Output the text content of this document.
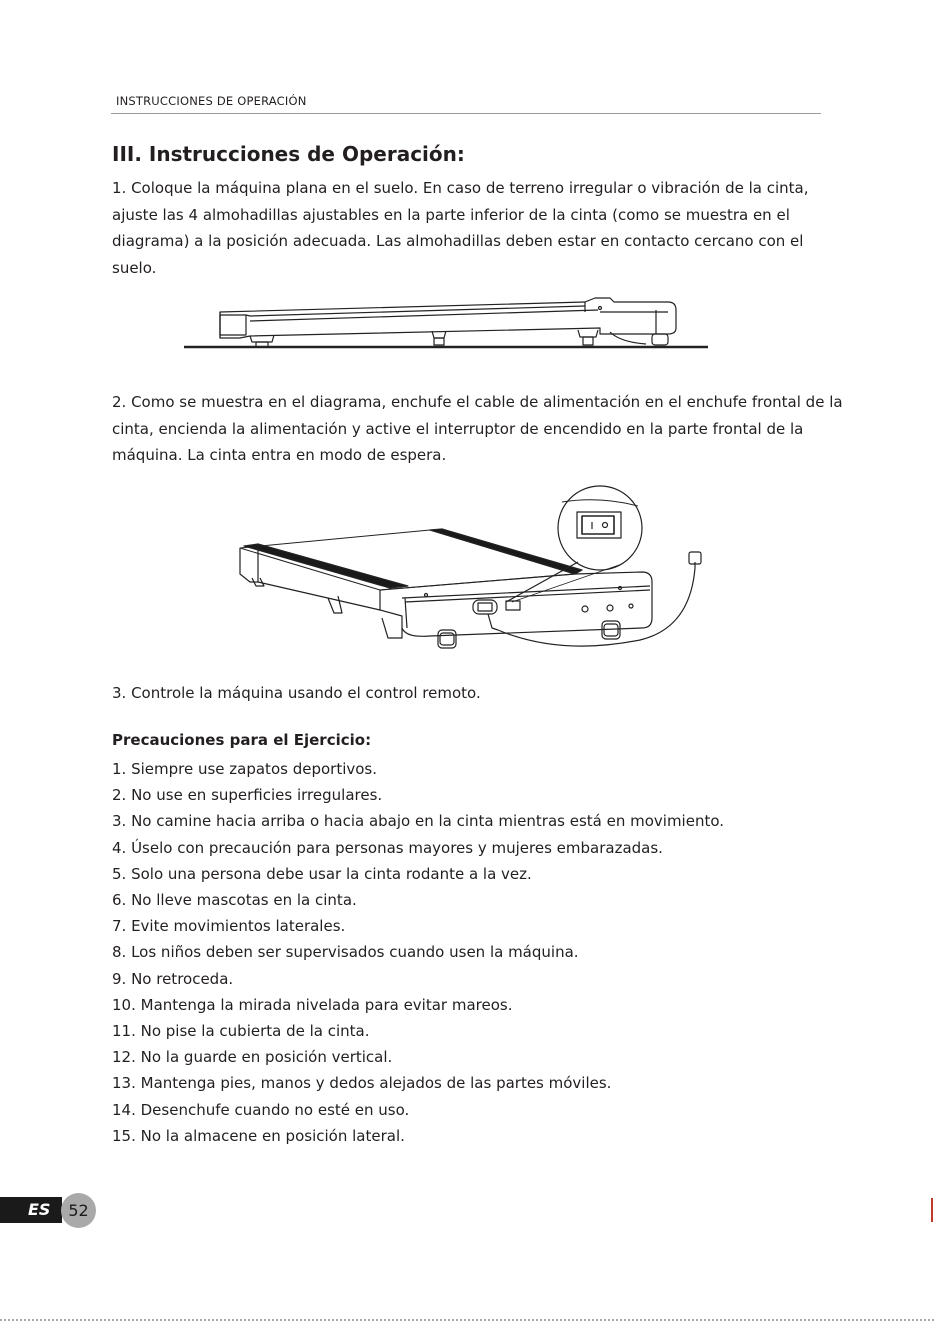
INSTRUCCIONES DE OPERACIÓN
III. Instrucciones de Operación:

1. Coloque la máquina plana en el suelo. En caso de terreno irregular o vibración de la cinta, ajuste las 4 almohadillas ajustables en la parte inferior de la cinta (como se muestra en el diagrama) a la posición adecuada. Las almohadillas deben estar en contacto cercano con el suelo.

2. Como se muestra en el diagrama, enchufe el cable de alimentación en el enchufe frontal de la cinta, encienda la alimentación y active el interruptor de encendido en la parte frontal de la máquina. La cinta entra en modo de espera.

3. Controle la máquina usando el control remoto.

Precauciones para el Ejercicio:
1. Siempre use zapatos deportivos.
2. No use en superficies irregulares.
3. No camine hacia arriba o hacia abajo en la cinta mientras está en movimiento.
4. Úselo con precaución para personas mayores y mujeres embarazadas.
5. Solo una persona debe usar la cinta rodante a la vez.
6. No lleve mascotas en la cinta.
7. Evite movimientos laterales.
8. Los niños deben ser supervisados cuando usen la máquina.
9. No retroceda.
10. Mantenga la mirada nivelada para evitar mareos.
11. No pise la cubierta de la cinta.
12. No la guarde en posición vertical.
13. Mantenga pies, manos y dedos alejados de las partes móviles.
14. Desenchufe cuando no esté en uso.
15. No la almacene en posición lateral.
ES	52
